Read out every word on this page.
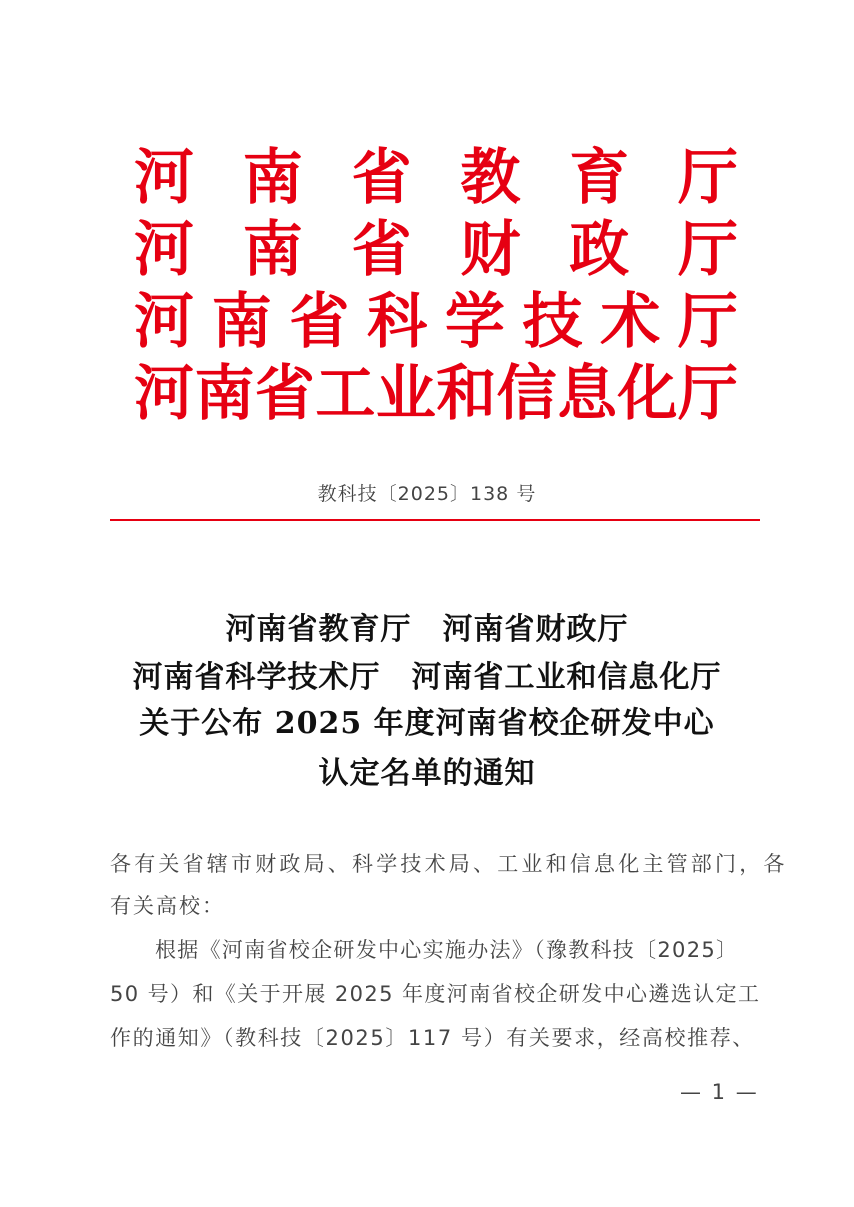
河 南 省 教 育 厅
河 南 省 财 政 厅
河 南 省 科 学 技 术 厅
河 南 省 工 业 和 信 息 化 厅
教科技〔2025〕138 号
河南省教育厅　河南省财政厅
河南省科学技术厅　河南省工业和信息化厅
关于公布 2025 年度河南省校企研发中心
认定名单的通知
各有关省辖市财政局、科学技术局、工业和信息化主管部门，各
有关高校：
根据《河南省校企研发中心实施办法》（豫教科技〔2025〕
50 号）和《关于开展 2025 年度河南省校企研发中心遴选认定工
作的通知》（教科技〔2025〕117 号）有关要求，经高校推荐、
— 1 —
